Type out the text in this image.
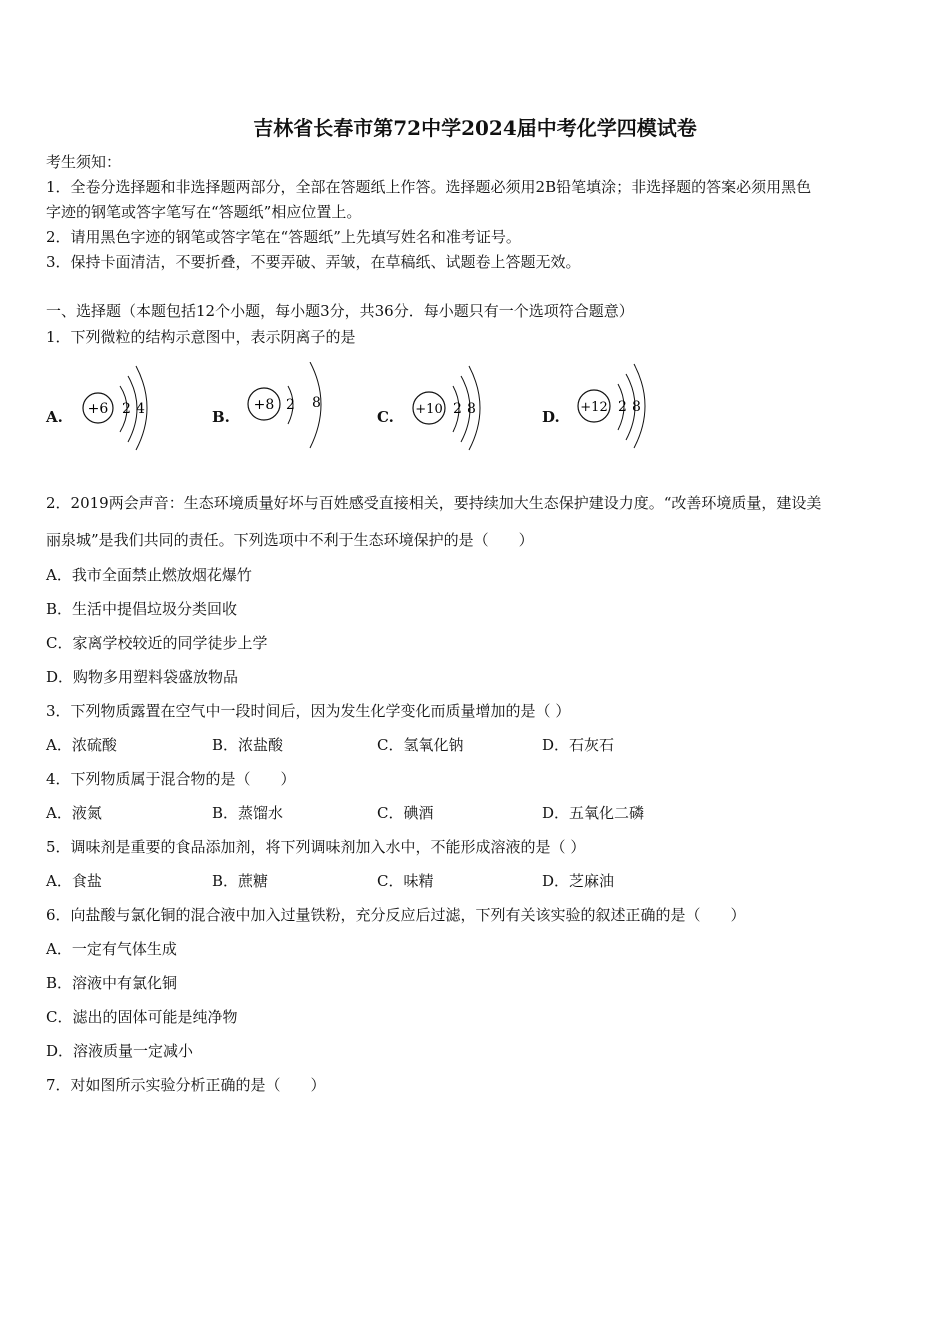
吉林省长春市第72中学2024届中考化学四模试卷
考生须知：
1．全卷分选择题和非选择题两部分，全部在答题纸上作答。选择题必须用2B铅笔填涂；非选择题的答案必须用黑色
字迹的钢笔或答字笔写在“答题纸”相应位置上。
2．请用黑色字迹的钢笔或答字笔在“答题纸”上先填写姓名和准考证号。
3．保持卡面清洁，不要折叠，不要弄破、弄皱，在草稿纸、试题卷上答题无效。
一、选择题（本题包括12个小题，每小题3分，共36分．每小题只有一个选项符合题意）
1．下列微粒的结构示意图中，表示阴离子的是
A. +6 2 4	B.
+8 2 8
C. +10 2 8	D.
+12 2 8
2．2019两会声音：生态环境质量好坏与百姓感受直接相关，要持续加大生态保护建设力度。“改善环境质量，建设美
丽泉城”是我们共同的责任。下列选项中不利于生态环境保护的是（　　）
A．我市全面禁止燃放烟花爆竹
B．生活中提倡垃圾分类回收
C．家离学校较近的同学徒步上学
D．购物多用塑料袋盛放物品
3．下列物质露置在空气中一段时间后，因为发生化学变化而质量增加的是（ ）
A．浓硫酸	B．浓盐酸	C．氢氧化钠	D．石灰石
4．下列物质属于混合物的是（　　）
A．液氮	B．蒸馏水	C．碘酒	D．五氧化二磷
5．调味剂是重要的食品添加剂，将下列调味剂加入水中，不能形成溶液的是（ ）
A．食盐	B．蔗糖	C．味精	D．芝麻油
6．向盐酸与氯化铜的混合液中加入过量铁粉，充分反应后过滤，下列有关该实验的叙述正确的是（　　）
A．一定有气体生成
B．溶液中有氯化铜
C．滤出的固体可能是纯净物
D．溶液质量一定减小
7．对如图所示实验分析正确的是（　　）
